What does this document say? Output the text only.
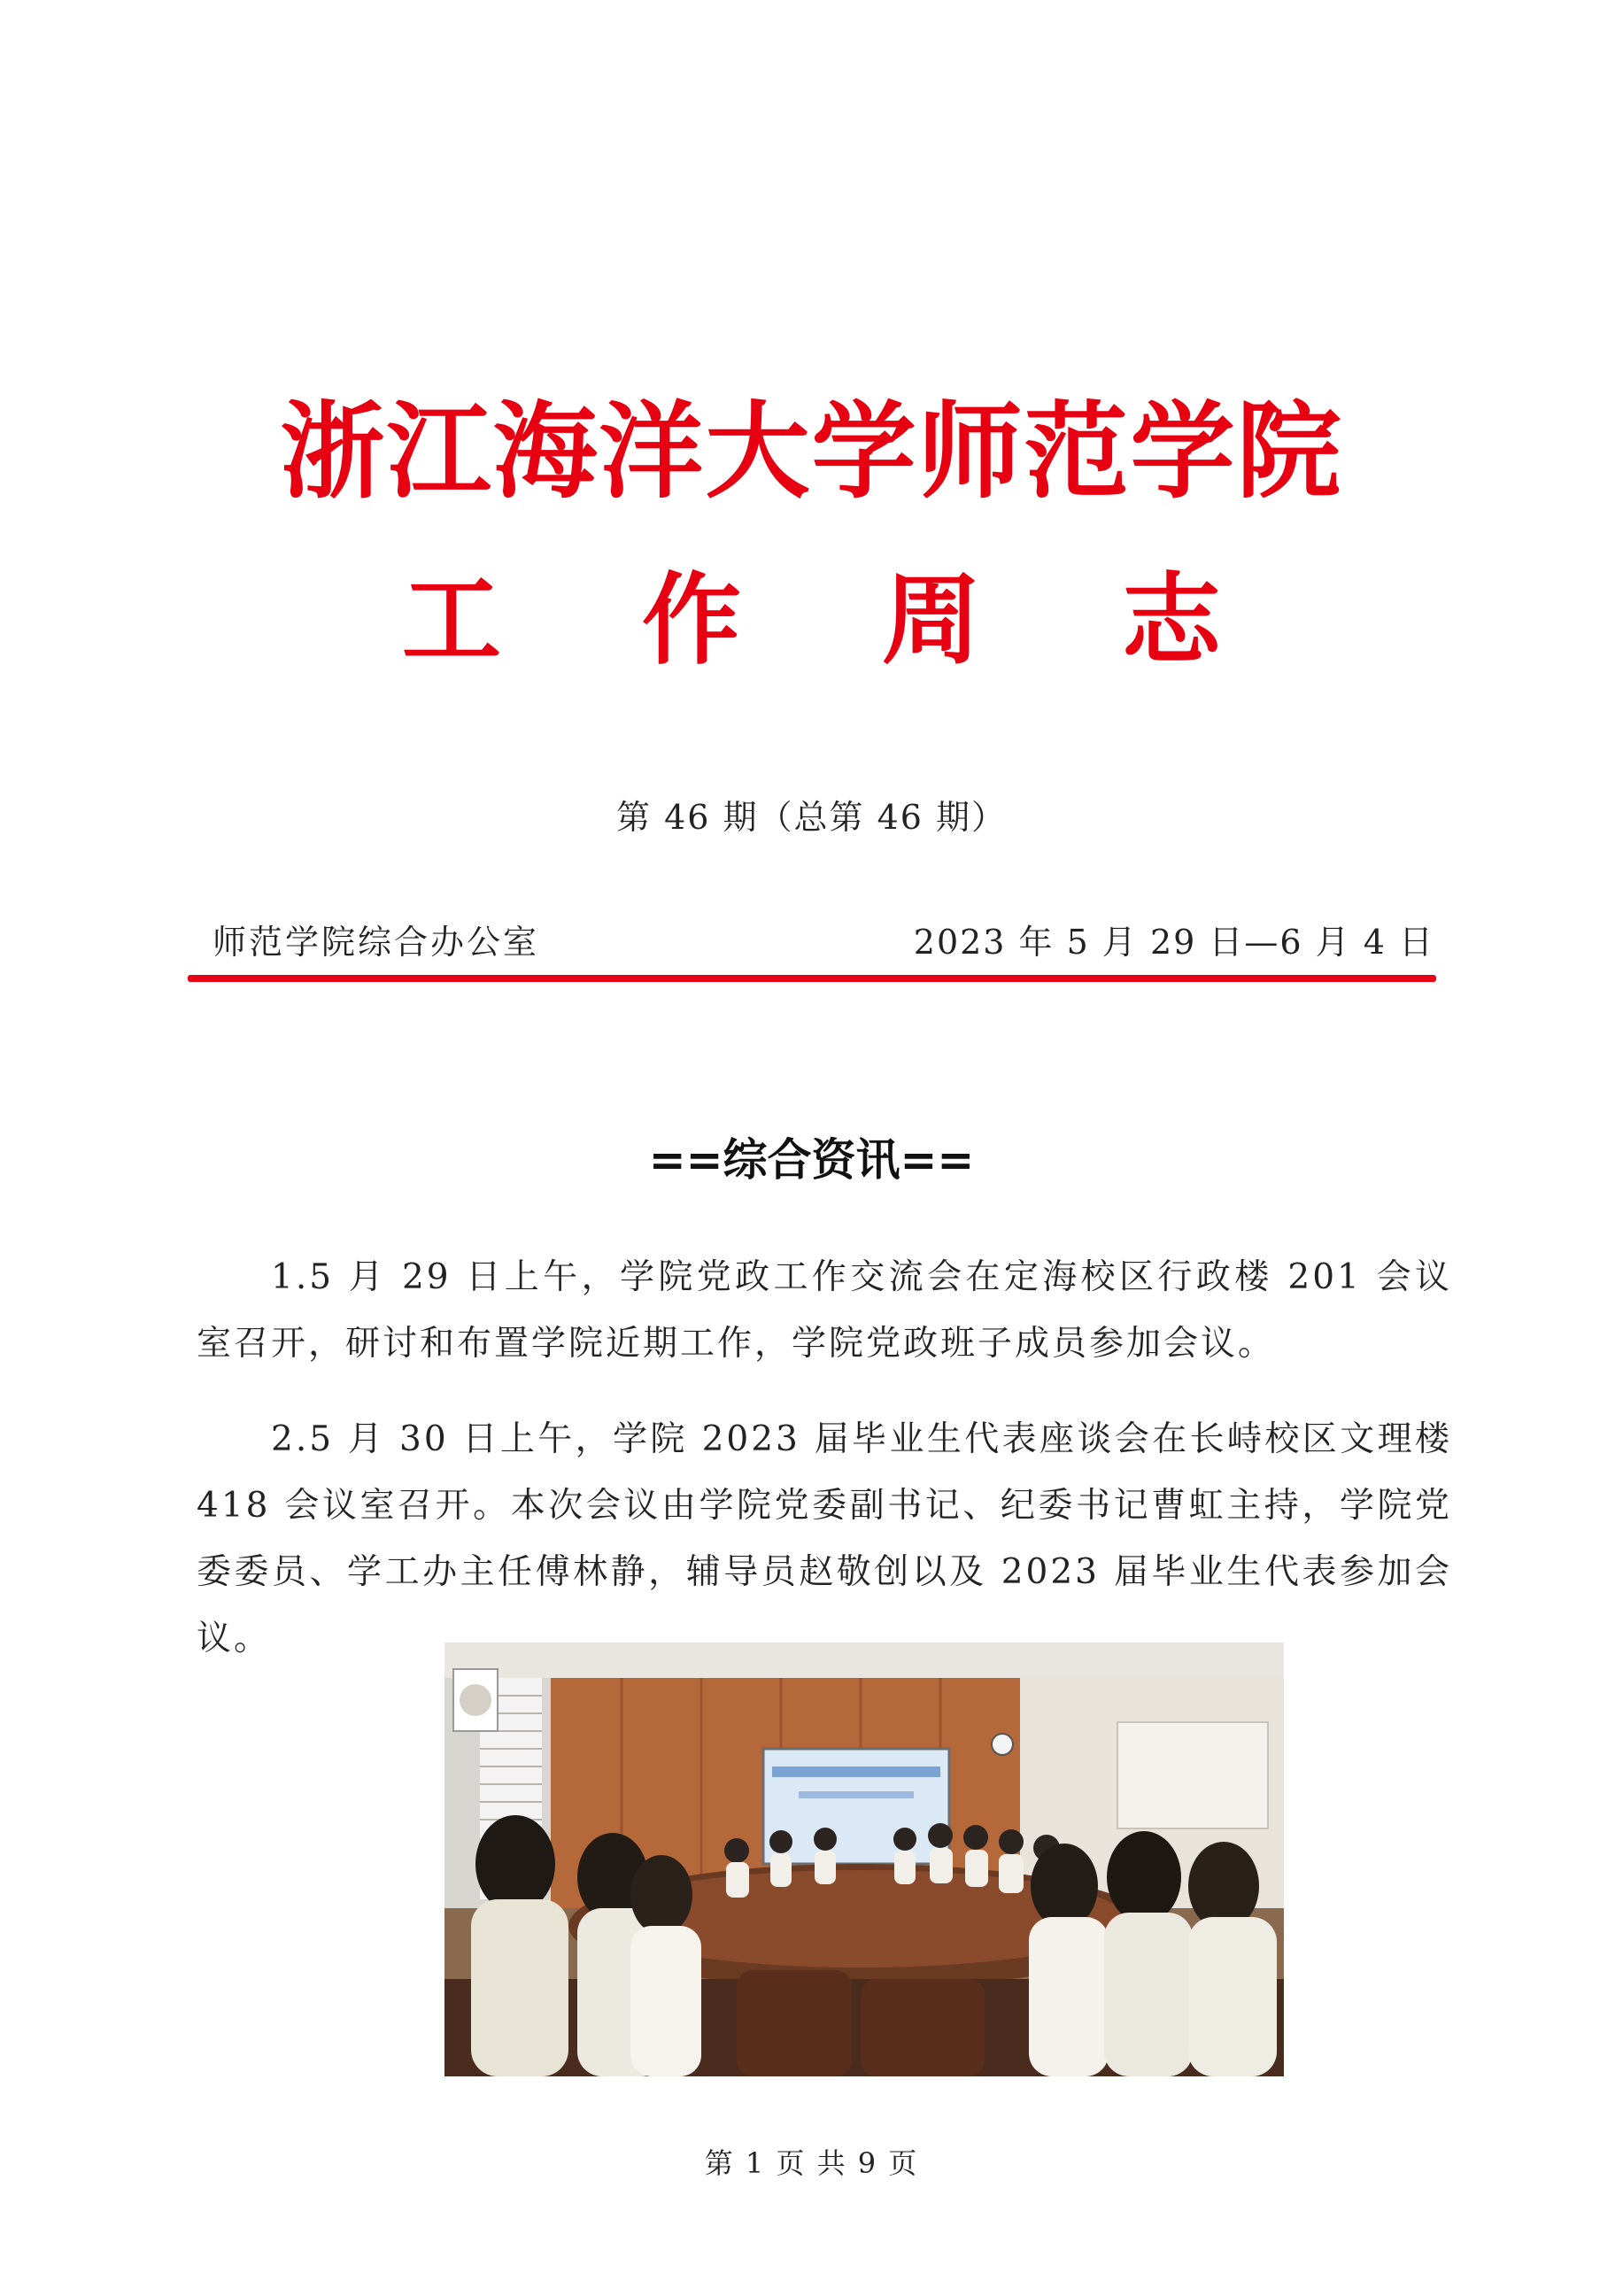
浙江海洋大学师范学院
工 作 周 志
第 46 期（总第 46 期）
师范学院综合办公室	2023 年 5 月 29 日—6 月 4 日
==综合资讯==

1.5 月 29 日上午，学院党政工作交流会在定海校区行政楼 201 会议室召开，研讨和布置学院近期工作，学院党政班子成员参加会议。

2.5 月 30 日上午，学院 2023 届毕业生代表座谈会在长峙校区文理楼 418 会议室召开。本次会议由学院党委副书记、纪委书记曹虹主持，学院党委委员、学工办主任傅林静，辅导员赵敬创以及 2023 届毕业生代表参加会议。

第 1 页 共 9 页
